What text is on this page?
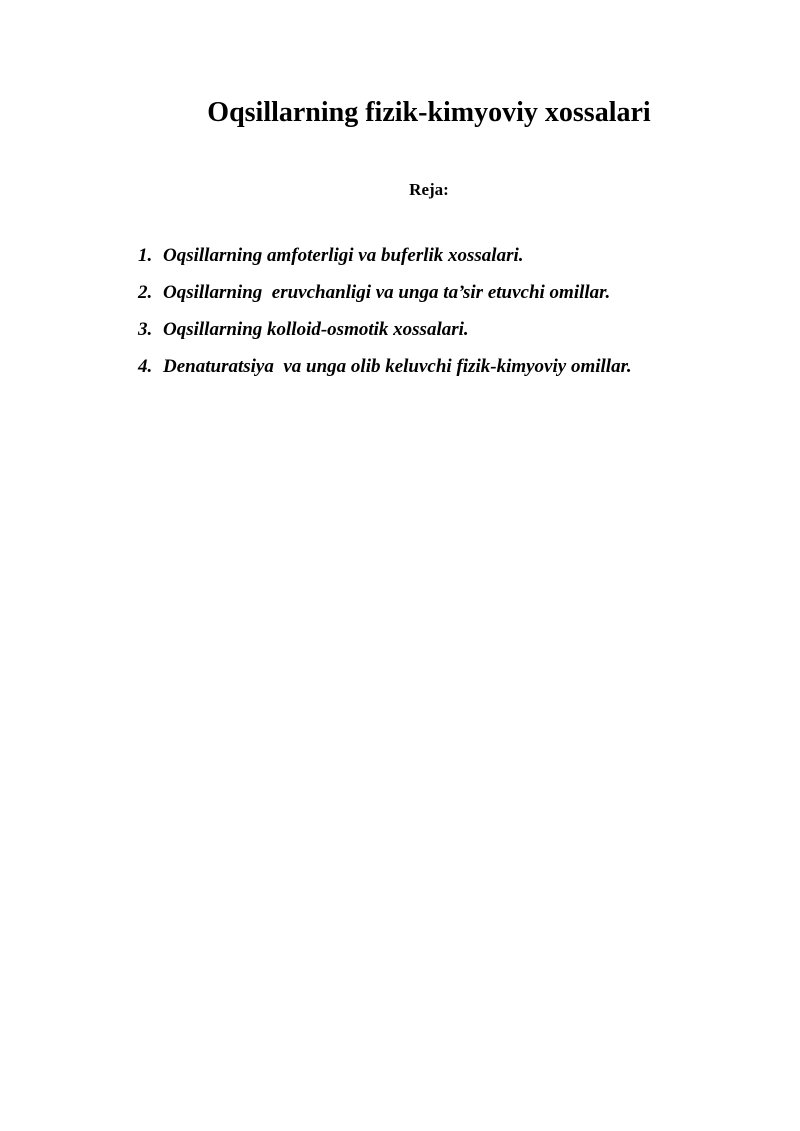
Oqsillarning fizik-kimyoviy xossalari
Reja:
1. Oqsillarning amfoterligi va buferlik xossalari.
2. Oqsillarning  eruvchanligi va unga ta’sir etuvchi omillar.
3. Oqsillarning kolloid-osmotik xossalari.
4. Denaturatsiya  va unga olib keluvchi fizik-kimyoviy omillar.
